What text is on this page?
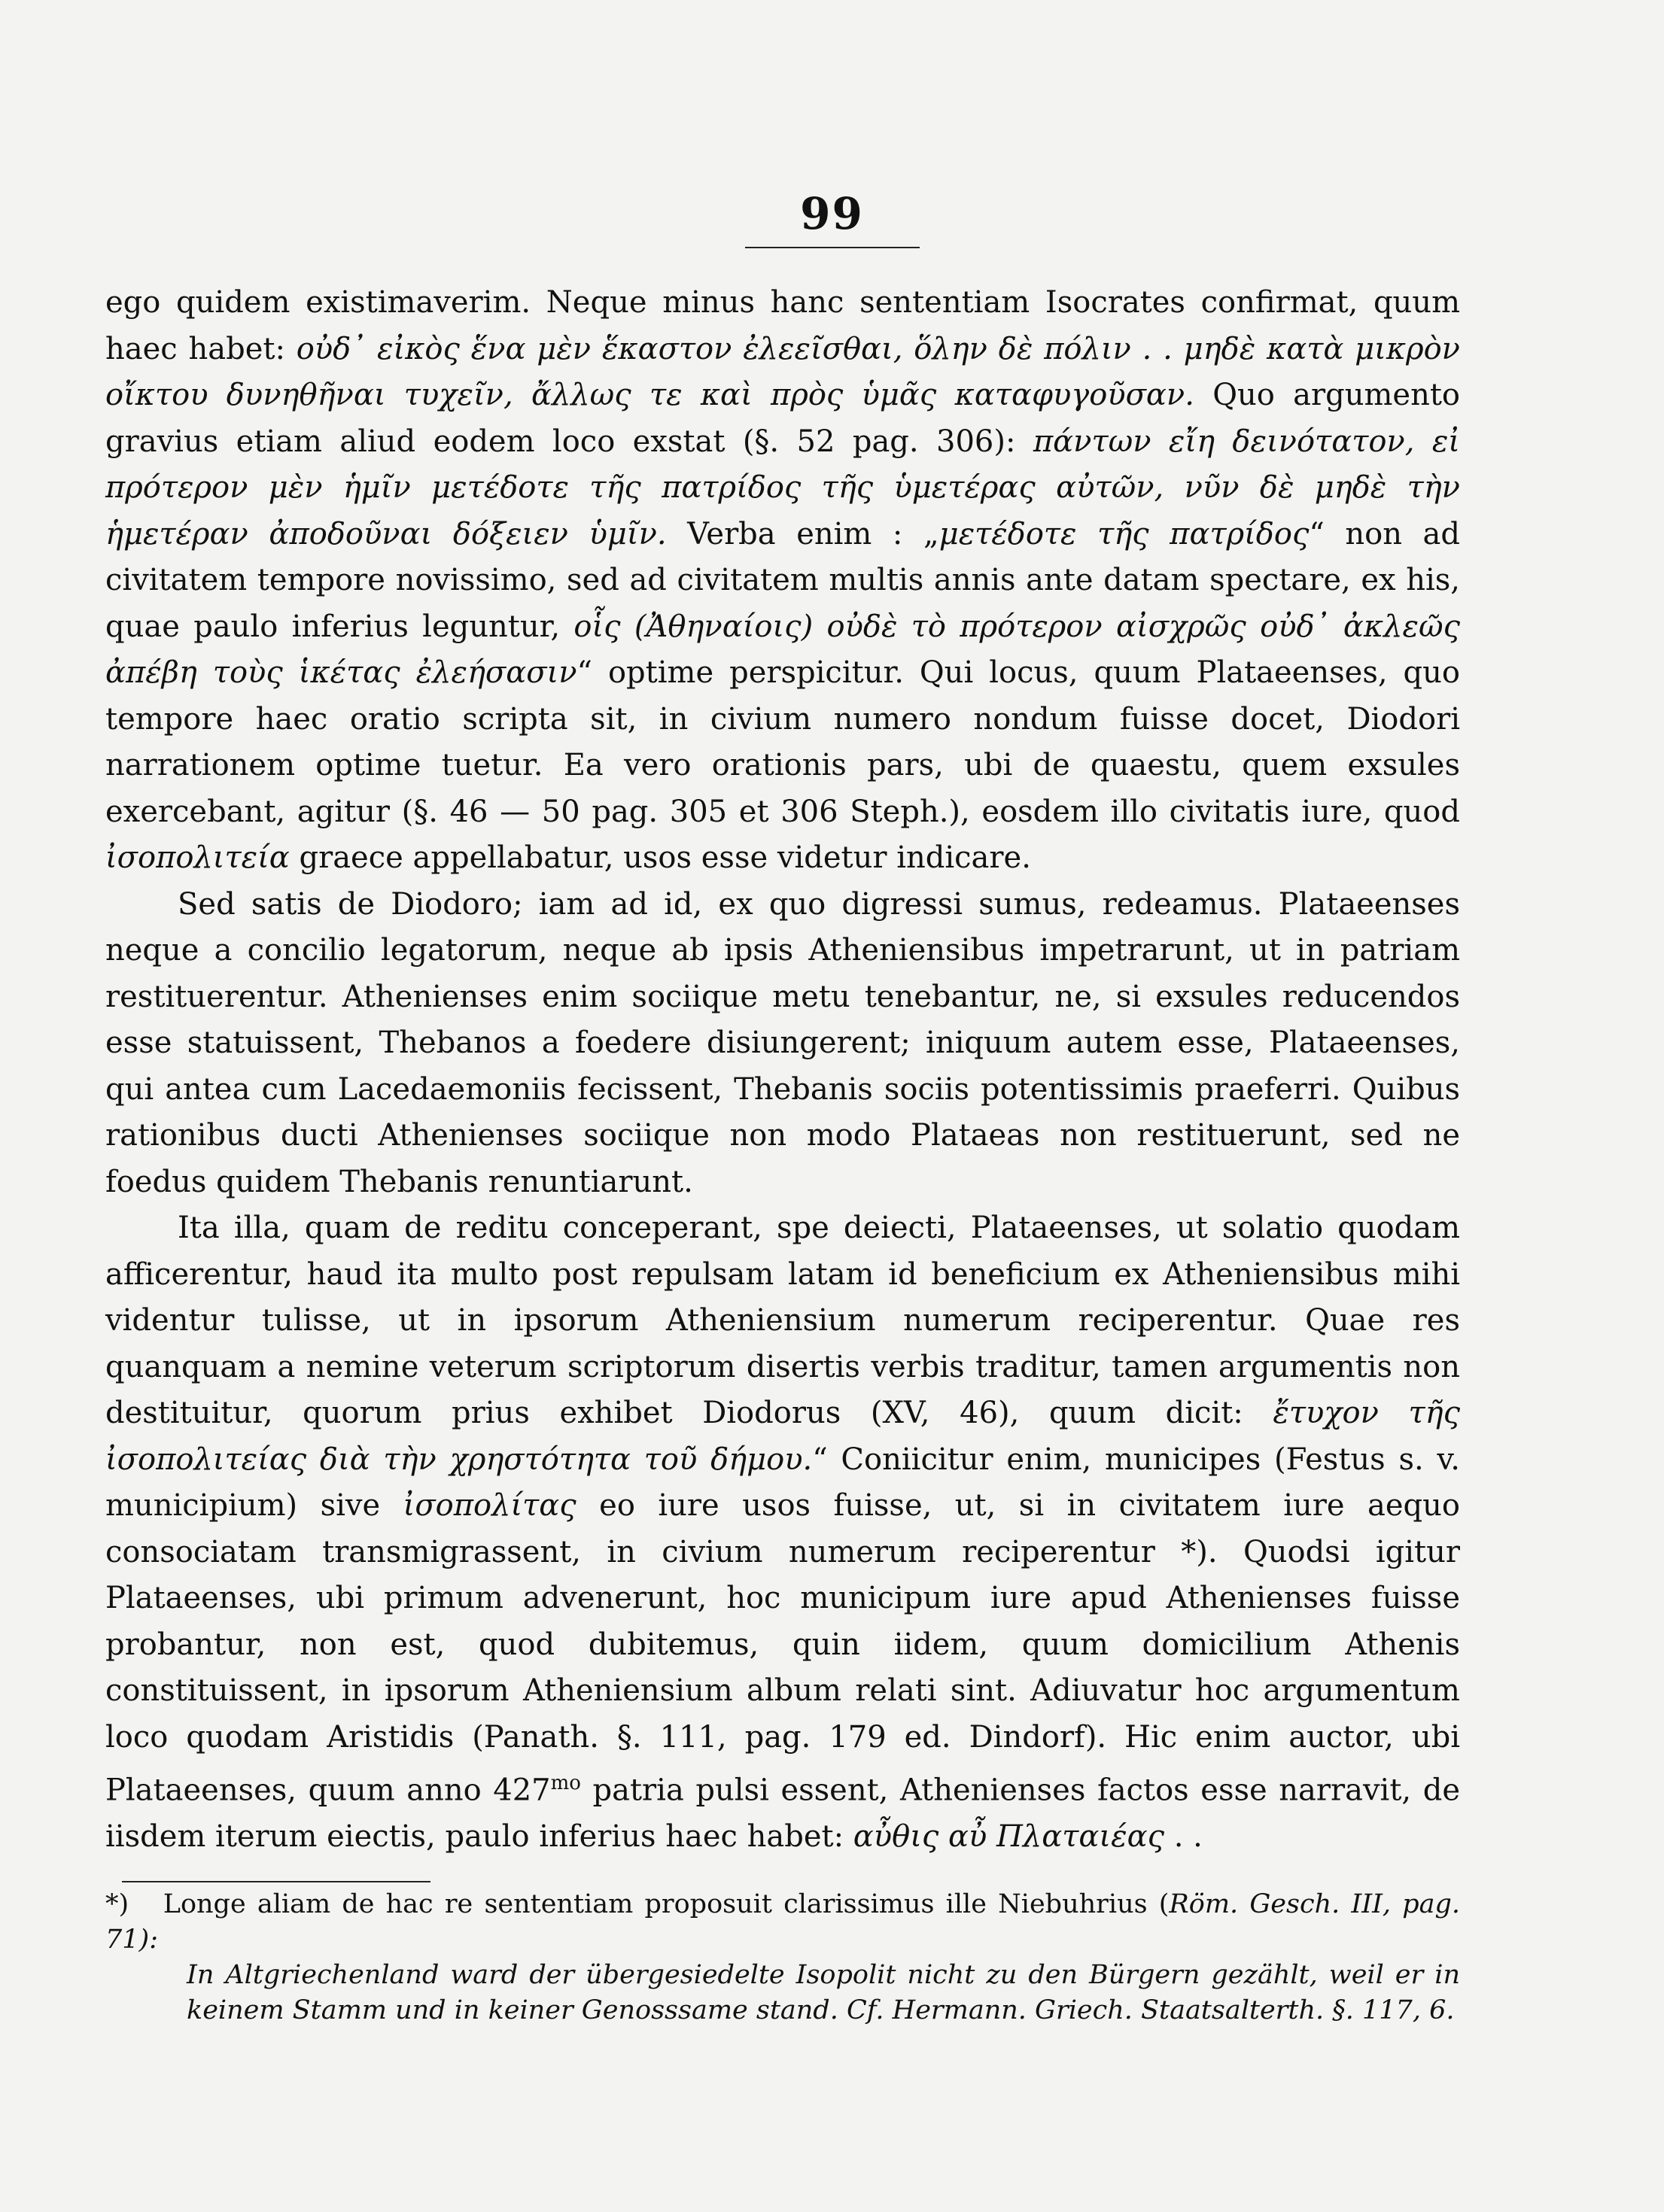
99

ego quidem existimaverim. Neque minus hanc sententiam Isocrates confirmat, quum haec habet: οὐδ᾽ εἰκὸς ἕνα μὲν ἕκαστον ἐλεεῖσθαι, ὅλην δὲ πόλιν . . μηδὲ κατὰ μικρὸν οἴκτου δυνηθῆναι τυχεῖν, ἄλλως τε καὶ πρὸς ὑμᾶς καταφυγοῦσαν. Quo argumento gravius etiam aliud eodem loco exstat (§. 52 pag. 306): πάντων εἴη δεινότατον, εἰ πρότερον μὲν ἡμῖν μετέδοτε τῆς πατρίδος τῆς ὑμετέρας αὐτῶν, νῦν δὲ μηδὲ τὴν ἡμετέραν ἀποδοῦναι δόξειεν ὑμῖν. Verba enim : „μετέδοτε τῆς πατρίδος“ non ad civitatem tempore novissimo, sed ad civitatem multis annis ante datam spectare, ex his, quae paulo inferius leguntur, οἷς (Ἀθηναίοις) οὐδὲ τὸ πρότερον αἰσχρῶς οὐδ᾽ ἀκλεῶς ἀπέβη τοὺς ἱκέτας ἐλεήσασιν“ optime perspicitur. Qui locus, quum Plataeenses, quo tempore haec oratio scripta sit, in civium numero nondum fuisse docet, Diodori narrationem optime tuetur. Ea vero orationis pars, ubi de quaestu, quem exsules exercebant, agitur (§. 46 — 50 pag. 305 et 306 Steph.), eosdem illo civitatis iure, quod ἰσοπολιτεία graece appellabatur, usos esse videtur indicare.

Sed satis de Diodoro; iam ad id, ex quo digressi sumus, redeamus. Plataeenses neque a concilio legatorum, neque ab ipsis Atheniensibus impetrarunt, ut in patriam restituerentur. Athenienses enim sociique metu tenebantur, ne, si exsules reducendos esse statuissent, Thebanos a foedere disiungerent; iniquum autem esse, Plataeenses, qui antea cum Lacedaemoniis fecissent, Thebanis sociis potentissimis praeferri. Quibus rationibus ducti Athenienses sociique non modo Plataeas non restituerunt, sed ne foedus quidem Thebanis renuntiarunt.

Ita illa, quam de reditu conceperant, spe deiecti, Plataeenses, ut solatio quodam afficerentur, haud ita multo post repulsam latam id beneficium ex Atheniensibus mihi videntur tulisse, ut in ipsorum Atheniensium numerum reciperentur. Quae res quanquam a nemine veterum scriptorum disertis verbis traditur, tamen argumentis non destituitur, quorum prius exhibet Diodorus (XV, 46), quum dicit: ἔτυχον τῆς ἰσοπολιτείας διὰ τὴν χρηστότητα τοῦ δήμου.“ Coniicitur enim, municipes (Festus s. v. municipium) sive ἰσοπολίτας eo iure usos fuisse, ut, si in civitatem iure aequo consociatam transmigrassent, in civium numerum reciperentur *). Quodsi igitur Plataeenses, ubi primum advenerunt, hoc municipum iure apud Athenienses fuisse probantur, non est, quod dubitemus, quin iidem, quum domicilium Athenis constituissent, in ipsorum Atheniensium album relati sint. Adiuvatur hoc argumentum loco quodam Aristidis (Panath. §. 111, pag. 179 ed. Dindorf). Hic enim auctor, ubi Plataeenses, quum anno $427^{mo}$ patria pulsi essent, Athenienses factos esse narravit, de iisdem iterum eiectis, paulo inferius haec habet: αὖθις αὖ Πλαταιέας . .

*) Longe aliam de hac re sententiam proposuit clarissimus ille Niebuhrius (Röm. Gesch. III, pag. 71):

In Altgriechenland ward der übergesiedelte Isopolit nicht zu den Bürgern gezählt, weil er in keinem Stamm und in keiner Genosssame stand. Cf. Hermann. Griech. Staatsalterth. §. 117, 6.
